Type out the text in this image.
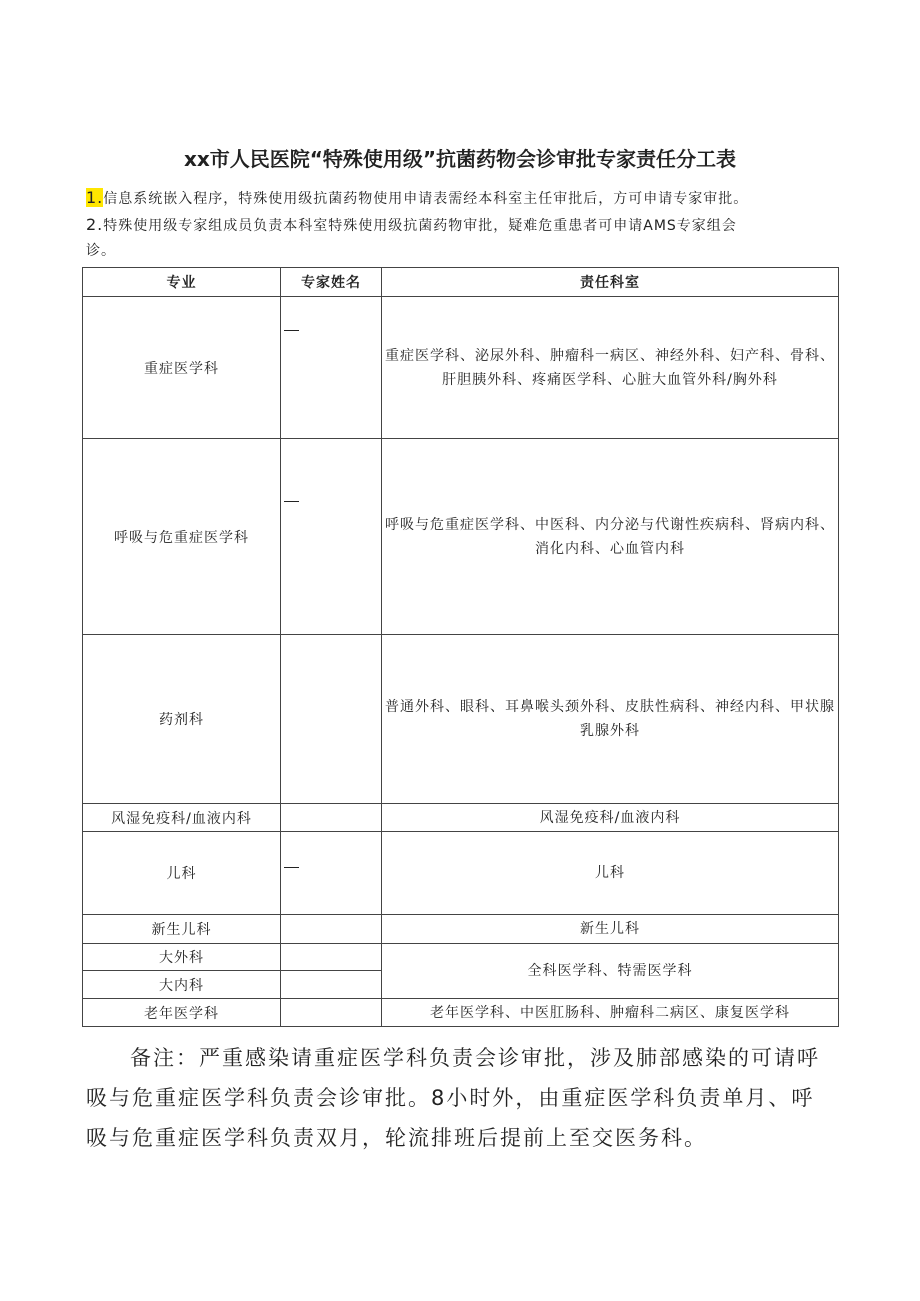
xx市人民医院“特殊使用级”抗菌药物会诊审批专家责任分工表
1.信息系统嵌入程序，特殊使用级抗菌药物使用申请表需经本科室主任审批后，方可申请专家审批。
2.特殊使用级专家组成员负责本科室特殊使用级抗菌药物审批，疑难危重患者可申请AMS专家组会
诊。
专业	专家姓名	责任科室
重症医学科		重症医学科、泌尿外科、肿瘤科一病区、神经外科、妇产科、骨科、肝胆胰外科、疼痛医学科、心脏大血管外科/胸外科
呼吸与危重症医学科		呼吸与危重症医学科、中医科、内分泌与代谢性疾病科、肾病内科、消化内科、心血管内科
药剂科		普通外科、眼科、耳鼻喉头颈外科、皮肤性病科、神经内科、甲状腺乳腺外科
风湿免疫科/血液内科		风湿免疫科/血液内科
儿科		儿科
新生儿科		新生儿科
大外科		全科医学科、特需医学科
大内科		
老年医学科		老年医学科、中医肛肠科、肿瘤科二病区、康复医学科

备注：严重感染请重症医学科负责会诊审批，涉及肺部感染的可请呼吸与危重症医学科负责会诊审批。8小时外，由重症医学科负责单月、呼吸与危重症医学科负责双月，轮流排班后提前上至交医务科。
